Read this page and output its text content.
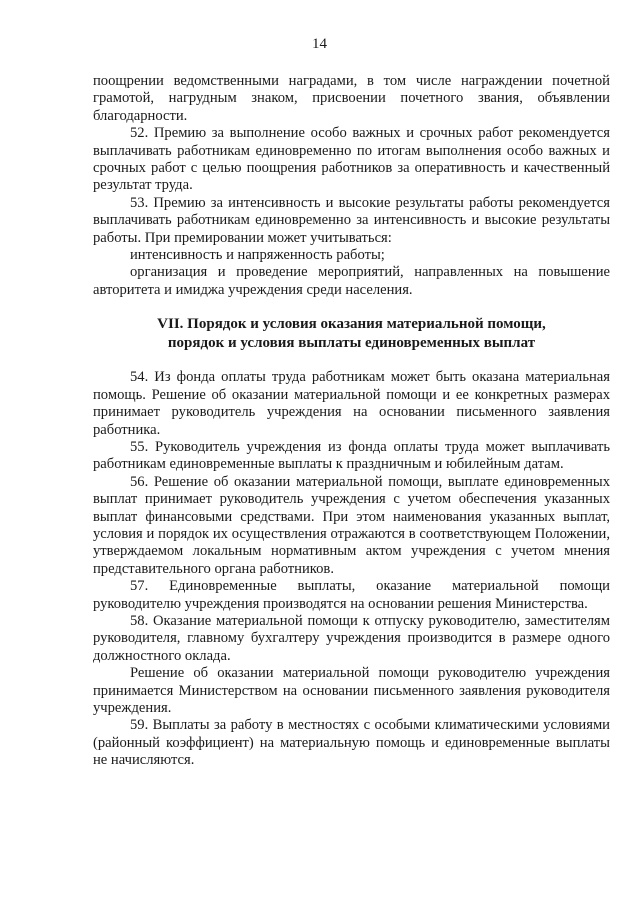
14

поощрении ведомственными наградами, в том числе награждении почетной грамотой, нагрудным знаком, присвоении почетного звания, объявлении благодарности.

52. Премию за выполнение особо важных и срочных работ рекомендуется выплачивать работникам единовременно по итогам выполнения особо важных и срочных работ с целью поощрения работников за оперативность и качественный результат труда.

53. Премию за интенсивность и высокие результаты работы рекомендуется выплачивать работникам единовременно за интенсивность и высокие результаты работы. При премировании может учитываться:

интенсивность и напряженность работы;

организация и проведение мероприятий, направленных на повышение авторитета и имиджа учреждения среди населения.

VII. Порядок и условия оказания материальной помощи,
порядок и условия выплаты единовременных выплат

54. Из фонда оплаты труда работникам может быть оказана материальная помощь. Решение об оказании материальной помощи и ее конкретных размерах принимает руководитель учреждения на основании письменного заявления работника.

55. Руководитель учреждения из фонда оплаты труда может выплачивать работникам единовременные выплаты к праздничным и юбилейным датам.

56. Решение об оказании материальной помощи, выплате единовременных выплат принимает руководитель учреждения с учетом обеспечения указанных выплат финансовыми средствами. При этом наименования указанных выплат, условия и порядок их осуществления отражаются в соответствующем Положении, утверждаемом локальным нормативным актом учреждения с учетом мнения представительного органа работников.

57. Единовременные выплаты, оказание материальной помощи руководителю учреждения производятся на основании решения Министерства.

58. Оказание материальной помощи к отпуску руководителю, заместителям руководителя, главному бухгалтеру учреждения производится в размере одного должностного оклада.

Решение об оказании материальной помощи руководителю учреждения принимается Министерством на основании письменного заявления руководителя учреждения.

59. Выплаты за работу в местностях с особыми климатическими условиями (районный коэффициент) на материальную помощь и единовременные выплаты не начисляются.
